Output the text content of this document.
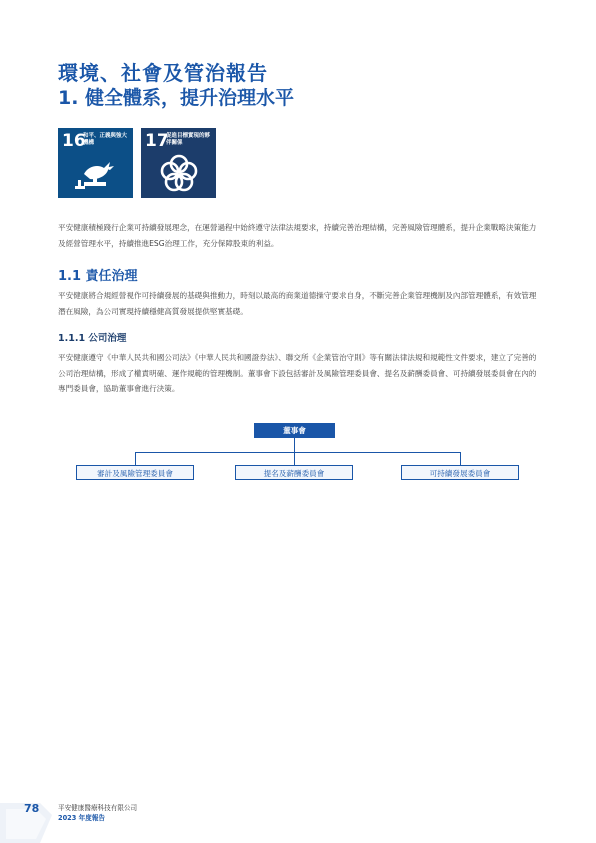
環境、社會及管治報告
1. 健全體系，提升治理水平
16
和平、正義與強大機構	17
促進目標實現的夥伴關係
平安健康積極踐行企業可持續發展理念，在運營過程中始終遵守法律法規要求，持續完善治理結構，完善風險管理體系，提升企業戰略決策能力及經營管理水平，持續推進ESG治理工作，充分保障股東的利益。
1.1 責任治理
平安健康將合規經營視作可持續發展的基礎與推動力，時刻以最高的商業道德操守要求自身，不斷完善企業管理機制及內部管理體系，有效管理潛在風險，為公司實現持續穩健高質發展提供堅實基礎。
1.1.1 公司治理
平安健康遵守《中華人民共和國公司法》《中華人民共和國證券法》、聯交所《企業管治守則》等有關法律法規和規範性文件要求，建立了完善的公司治理結構，形成了權責明確、運作規範的管理機制。董事會下設包括審計及風險管理委員會、提名及薪酬委員會、可持續發展委員會在內的專門委員會，協助董事會進行決策。
董事會
審計及風險管理委員會	提名及薪酬委員會	可持續發展委員會
78	平安健康醫療科技有限公司
2023 年度報告
